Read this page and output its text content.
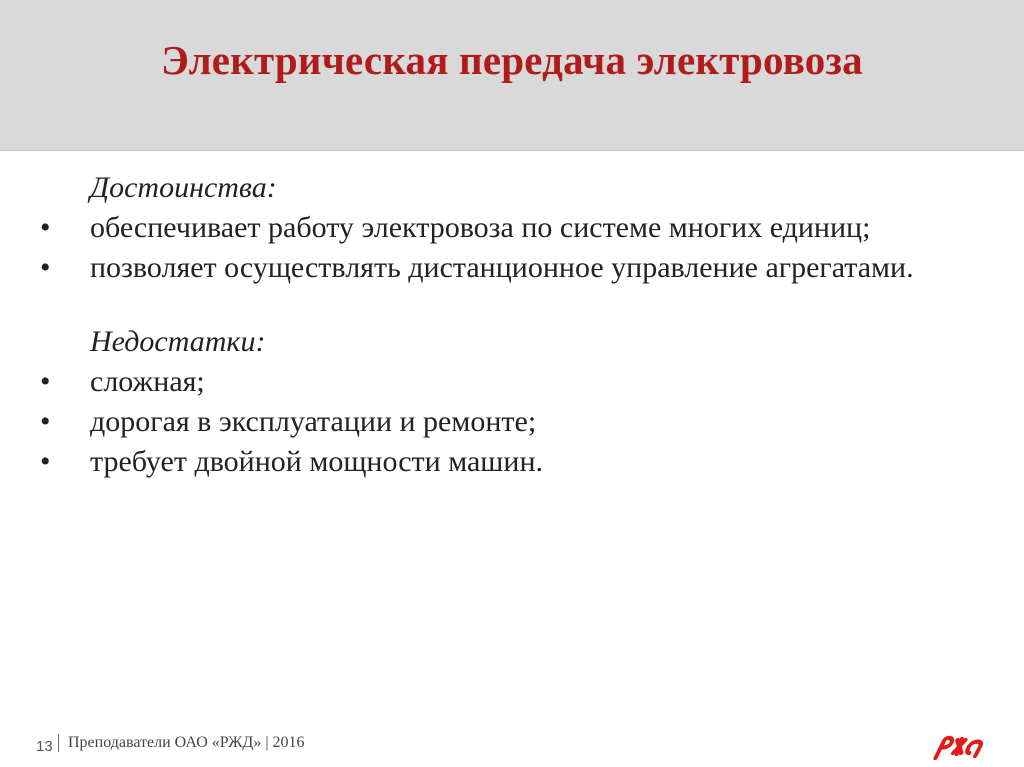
Электрическая передача электровоза

Достоинства:

•	обеспечивает работу электровоза по системе многих единиц;
•	позволяет осуществлять дистанционное управление агрегатами.

Недостатки:

•	сложная;
•	дорогая в эксплуатации и ремонте;
•	требует двойной мощности машин.
13 Преподаватели ОАО «РЖД» | 2016
